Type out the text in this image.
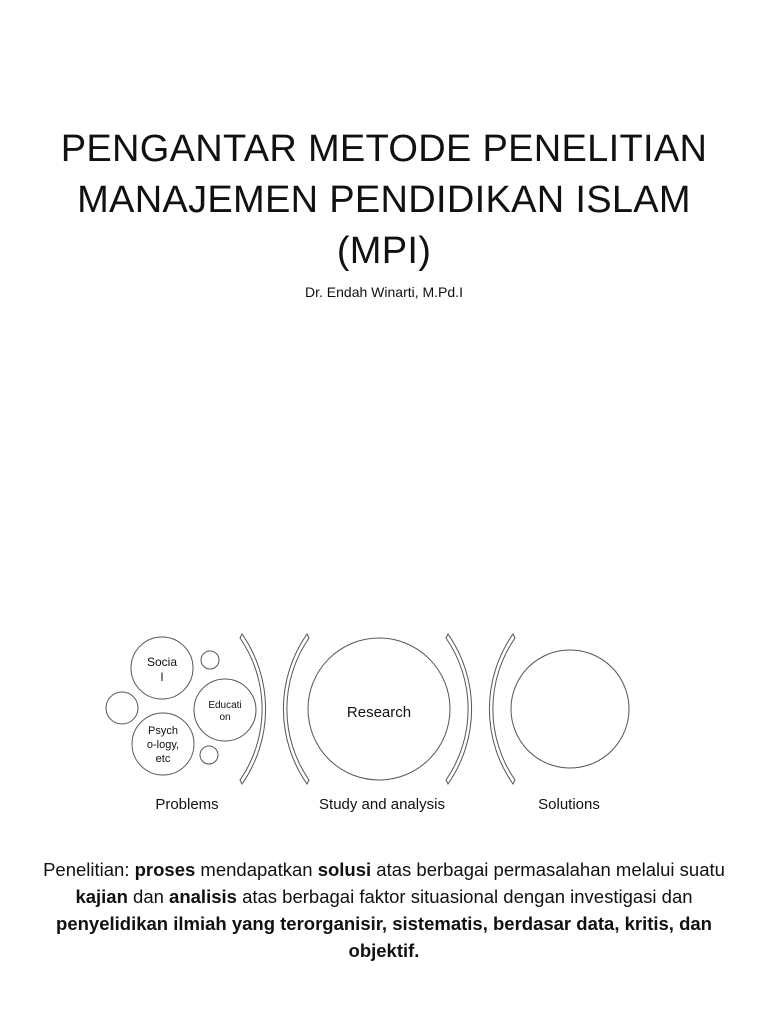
PENGANTAR METODE PENELITIAN
MANAJEMEN PENDIDIKAN ISLAM
(MPI)
Dr. Endah Winarti, M.Pd.I
Socia
l
Educati
on
Psych
o-logy,
etc
Research
Problems	Study and analysis	Solutions
Penelitian: proses mendapatkan solusi atas berbagai permasalahan melalui suatu kajian dan analisis atas berbagai faktor situasional dengan investigasi dan penyelidikan ilmiah yang terorganisir, sistematis, berdasar data, kritis, dan objektif.
